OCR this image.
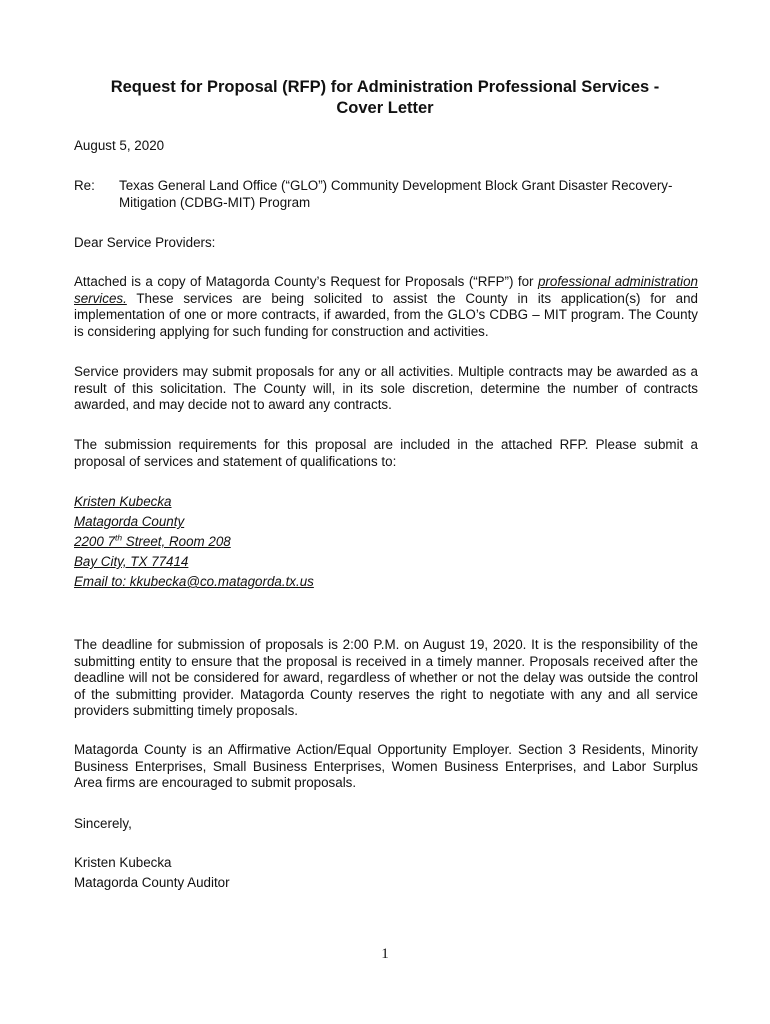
Request for Proposal (RFP) for Administration Professional Services -
Cover Letter
August 5, 2020
Re: Texas General Land Office (“GLO”) Community Development Block Grant Disaster Recovery-
Mitigation (CDBG-MIT) Program
Dear Service Providers:
Attached is a copy of Matagorda County’s Request for Proposals (“RFP”) for professional administration services. These services are being solicited to assist the County in its application(s) for and implementation of one or more contracts, if awarded, from the GLO’s CDBG – MIT program. The County is considering applying for such funding for construction and activities.
Service providers may submit proposals for any or all activities. Multiple contracts may be awarded as a result of this solicitation. The County will, in its sole discretion, determine the number of contracts awarded, and may decide not to award any contracts.
The submission requirements for this proposal are included in the attached RFP. Please submit a proposal of services and statement of qualifications to:
Kristen Kubecka
Matagorda County
2200 7th Street, Room 208
Bay City, TX 77414
Email to: kkubecka@co.matagorda.tx.us
The deadline for submission of proposals is 2:00 P.M. on August 19, 2020. It is the responsibility of the submitting entity to ensure that the proposal is received in a timely manner. Proposals received after the deadline will not be considered for award, regardless of whether or not the delay was outside the control of the submitting provider. Matagorda County reserves the right to negotiate with any and all service providers submitting timely proposals.
Matagorda County is an Affirmative Action/Equal Opportunity Employer. Section 3 Residents, Minority Business Enterprises, Small Business Enterprises, Women Business Enterprises, and Labor Surplus Area firms are encouraged to submit proposals.
Sincerely,
Kristen Kubecka
Matagorda County Auditor
1
